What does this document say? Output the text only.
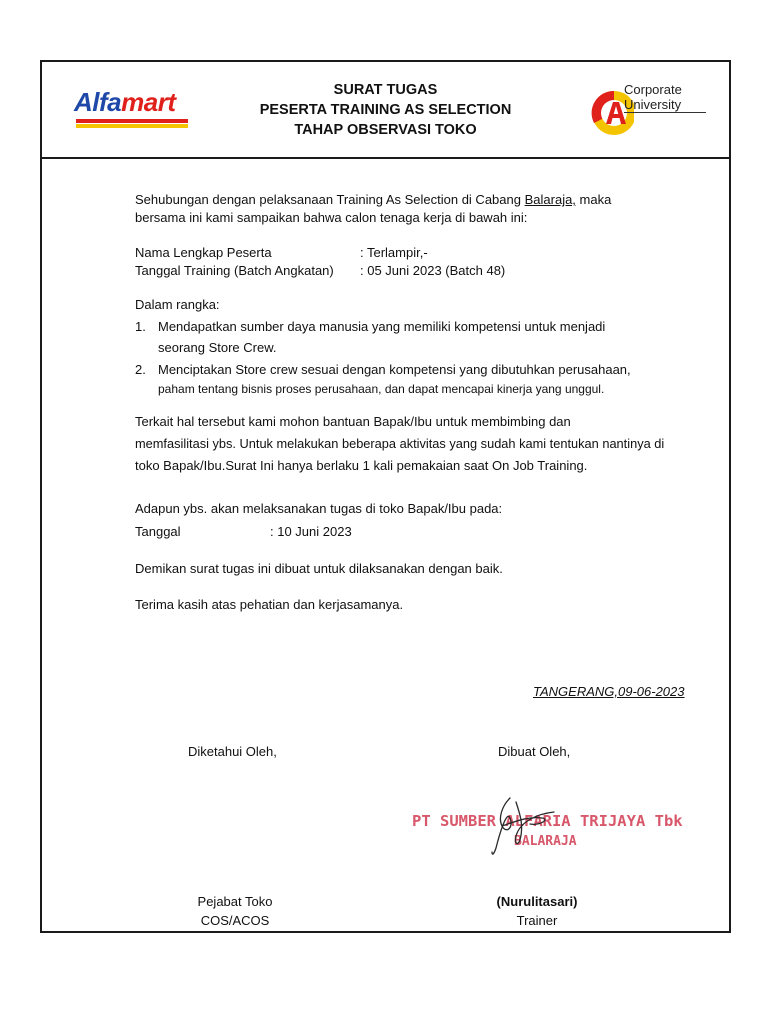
Alfamart	SURAT TUGAS
PESERTA TRAINING AS SELECTION
TAHAP OBSERVASI TOKO
Corporate
University
Sehubungan dengan pelaksanaan Training As Selection di Cabang Balaraja, maka
bersama ini kami sampaikan bahwa calon tenaga kerja di bawah ini:
Nama Lengkap Peserta	: Terlampir,-
Tanggal Training (Batch Angkatan) : 05 Juni 2023 (Batch 48)
Dalam rangka:
1. Mendapatkan sumber daya manusia yang memiliki kompetensi untuk menjadi
seorang Store Crew.
2. Menciptakan Store crew sesuai dengan kompetensi yang dibutuhkan perusahaan,
paham tentang bisnis proses perusahaan, dan dapat mencapai kinerja yang unggul.
Terkait hal tersebut kami mohon bantuan Bapak/Ibu untuk membimbing dan
memfasilitasi ybs. Untuk melakukan beberapa aktivitas yang sudah kami tentukan nantinya di
toko Bapak/Ibu.Surat Ini hanya berlaku 1 kali pemakaian saat On Job Training.
Adapun ybs. akan melaksanakan tugas di toko Bapak/Ibu pada:
Tanggal	: 10 Juni 2023
Demikan surat tugas ini dibuat untuk dilaksanakan dengan baik.
Terima kasih atas pehatian dan kerjasamanya.
TANGERANG,09-06-2023
Diketahui Oleh,	Dibuat Oleh,
PT SUMBER ALFARIA TRIJAYA Tbk
BALARAJA
Pejabat Toko
COS/ACOS
(Nurulitasari)
Trainer
